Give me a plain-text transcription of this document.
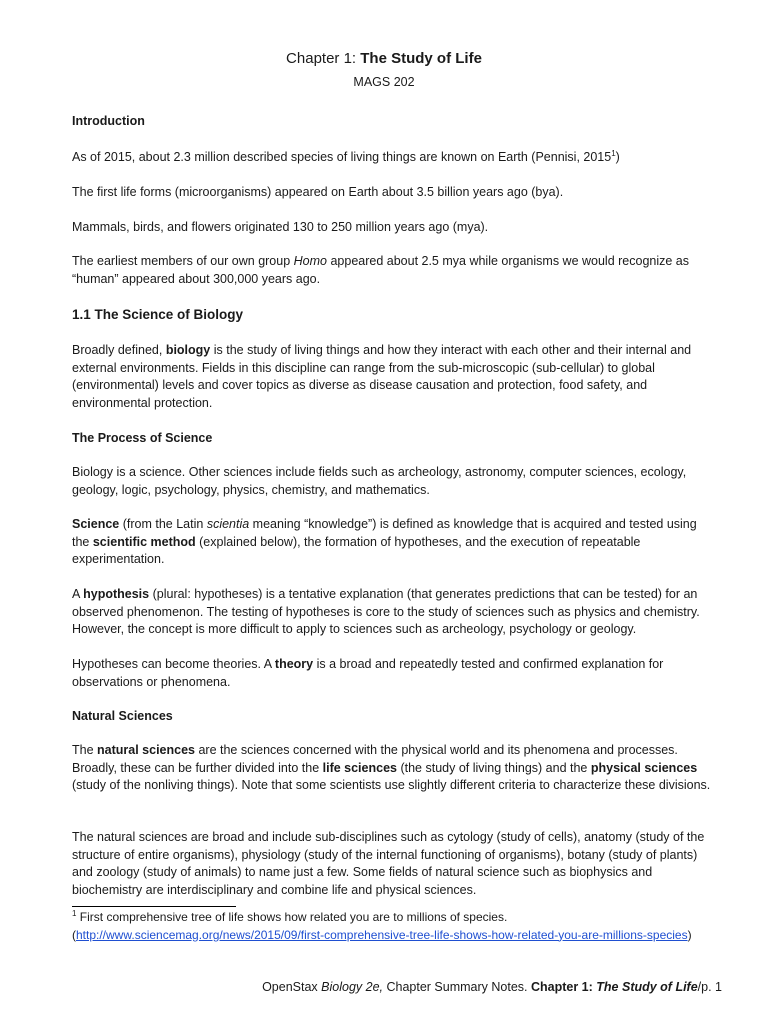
Chapter 1: The Study of Life
MAGS 202
Introduction

As of 2015, about 2.3 million described species of living things are known on Earth (Pennisi, 2015$^1$)

The first life forms (microorganisms) appeared on Earth about 3.5 billion years ago (bya).

Mammals, birds, and flowers originated 130 to 250 million years ago (mya).

The earliest members of our own group Homo appeared about 2.5 mya while organisms we would recognize as “human” appeared about 300,000 years ago.

1.1 The Science of Biology

Broadly defined, biology is the study of living things and how they interact with each other and their internal and external environments. Fields in this discipline can range from the sub-microscopic (sub-cellular) to global (environmental) levels and cover topics as diverse as disease causation and protection, food safety, and environmental protection.

The Process of Science

Biology is a science. Other sciences include fields such as archeology, astronomy, computer sciences, ecology, geology, logic, psychology, physics, chemistry, and mathematics.

Science (from the Latin scientia meaning “knowledge”) is defined as knowledge that is acquired and tested using the scientific method (explained below), the formation of hypotheses, and the execution of repeatable experimentation.

A hypothesis (plural: hypotheses) is a tentative explanation (that generates predictions that can be tested) for an observed phenomenon. The testing of hypotheses is core to the study of sciences such as physics and chemistry. However, the concept is more difficult to apply to sciences such as archeology, psychology or geology.

Hypotheses can become theories. A theory is a broad and repeatedly tested and confirmed explanation for observations or phenomena.

Natural Sciences

The natural sciences are the sciences concerned with the physical world and its phenomena and processes. Broadly, these can be further divided into the life sciences (the study of living things) and the physical sciences (study of the nonliving things). Note that some scientists use slightly different criteria to characterize these divisions.

The natural sciences are broad and include sub-disciplines such as cytology (study of cells), anatomy (study of the structure of entire organisms), physiology (study of the internal functioning of organisms), botany (study of plants) and zoology (study of animals) to name just a few. Some fields of natural science such as biophysics and biochemistry are interdisciplinary and combine life and physical sciences.

$^1$ First comprehensive tree of life shows how related you are to millions of species.
(http://www.sciencemag.org/news/2015/09/first-comprehensive-tree-life-shows-how-related-you-are-millions-species)
OpenStax Biology 2e, Chapter Summary Notes. Chapter 1: The Study of Life/p. 1
